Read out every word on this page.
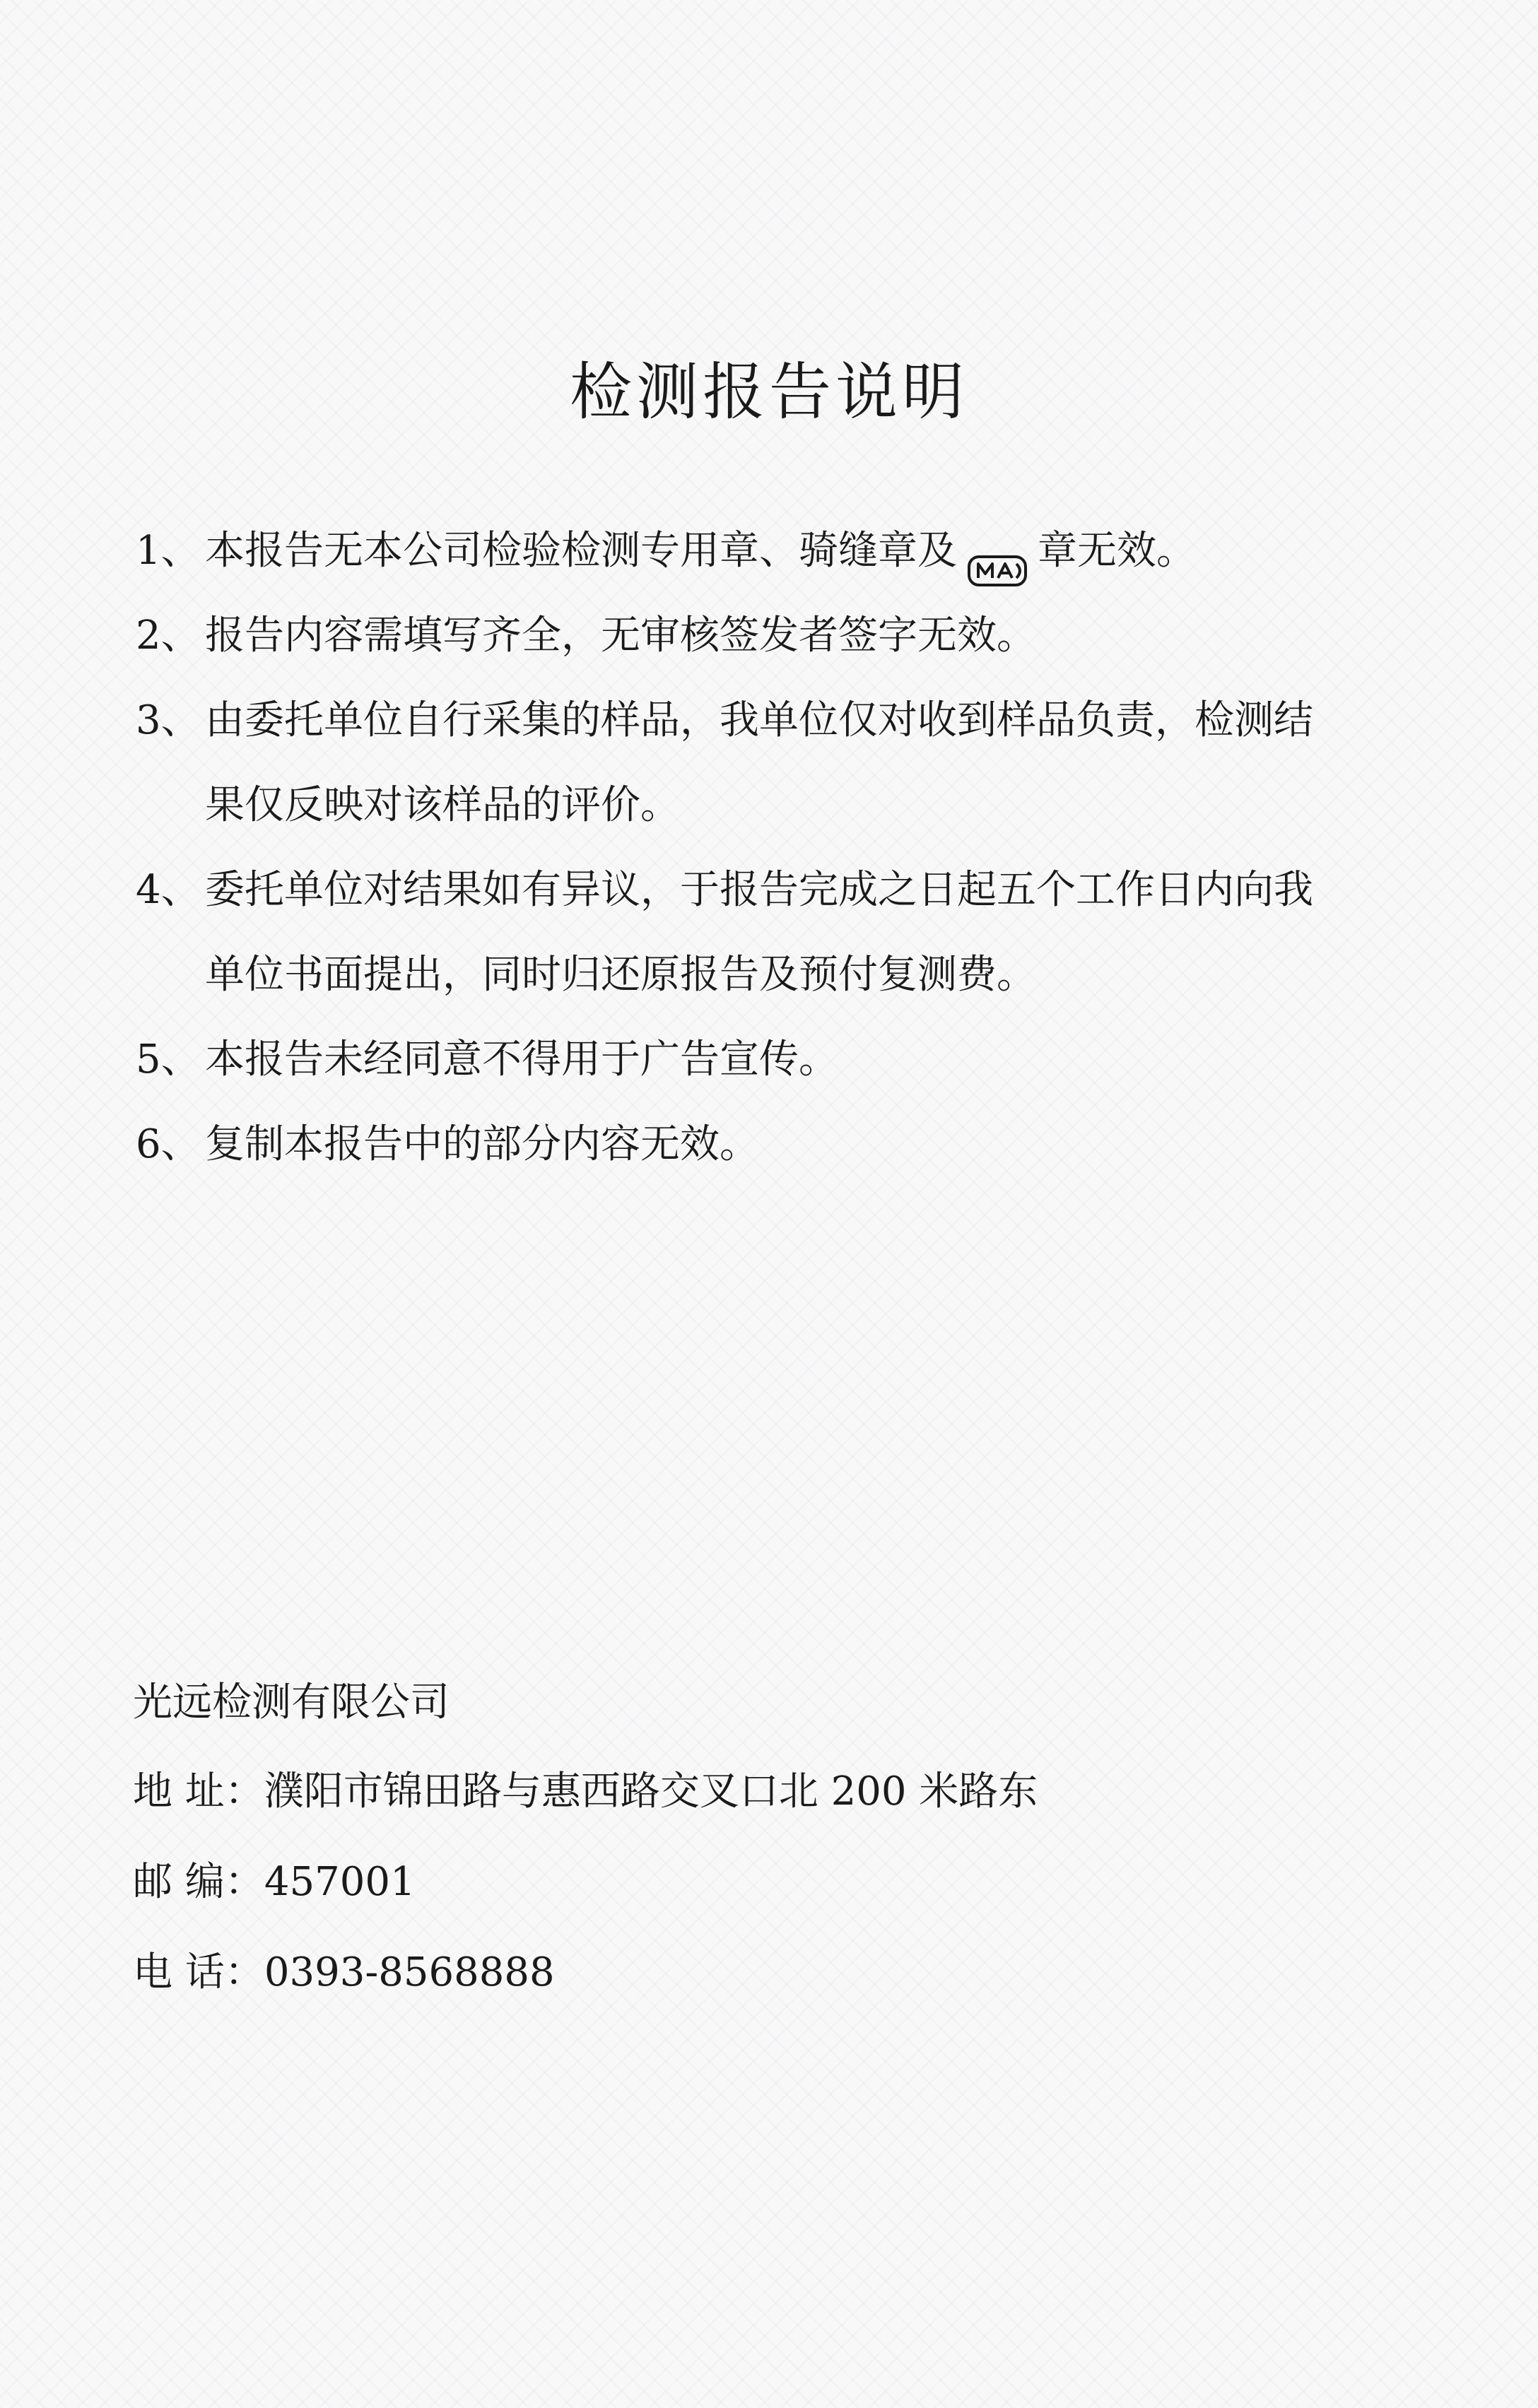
检测报告说明

1、 本报告无本公司检验检测专用章、骑缝章及 章无效。

2、 报告内容需填写齐全，无审核签发者签字无效。

3、 由委托单位自行采集的样品，我单位仅对收到样品负责，检测结果仅反映对该样品的评价。

4、 委托单位对结果如有异议，于报告完成之日起五个工作日内向我单位书面提出，同时归还原报告及预付复测费。

5、 本报告未经同意不得用于广告宣传。

6、 复制本报告中的部分内容无效。

光远检测有限公司
地 址 ： 濮阳市锦田路与惠西路交叉口北 200 米路东
邮 编 ： 457001
电 话 ： 0393-8568888
